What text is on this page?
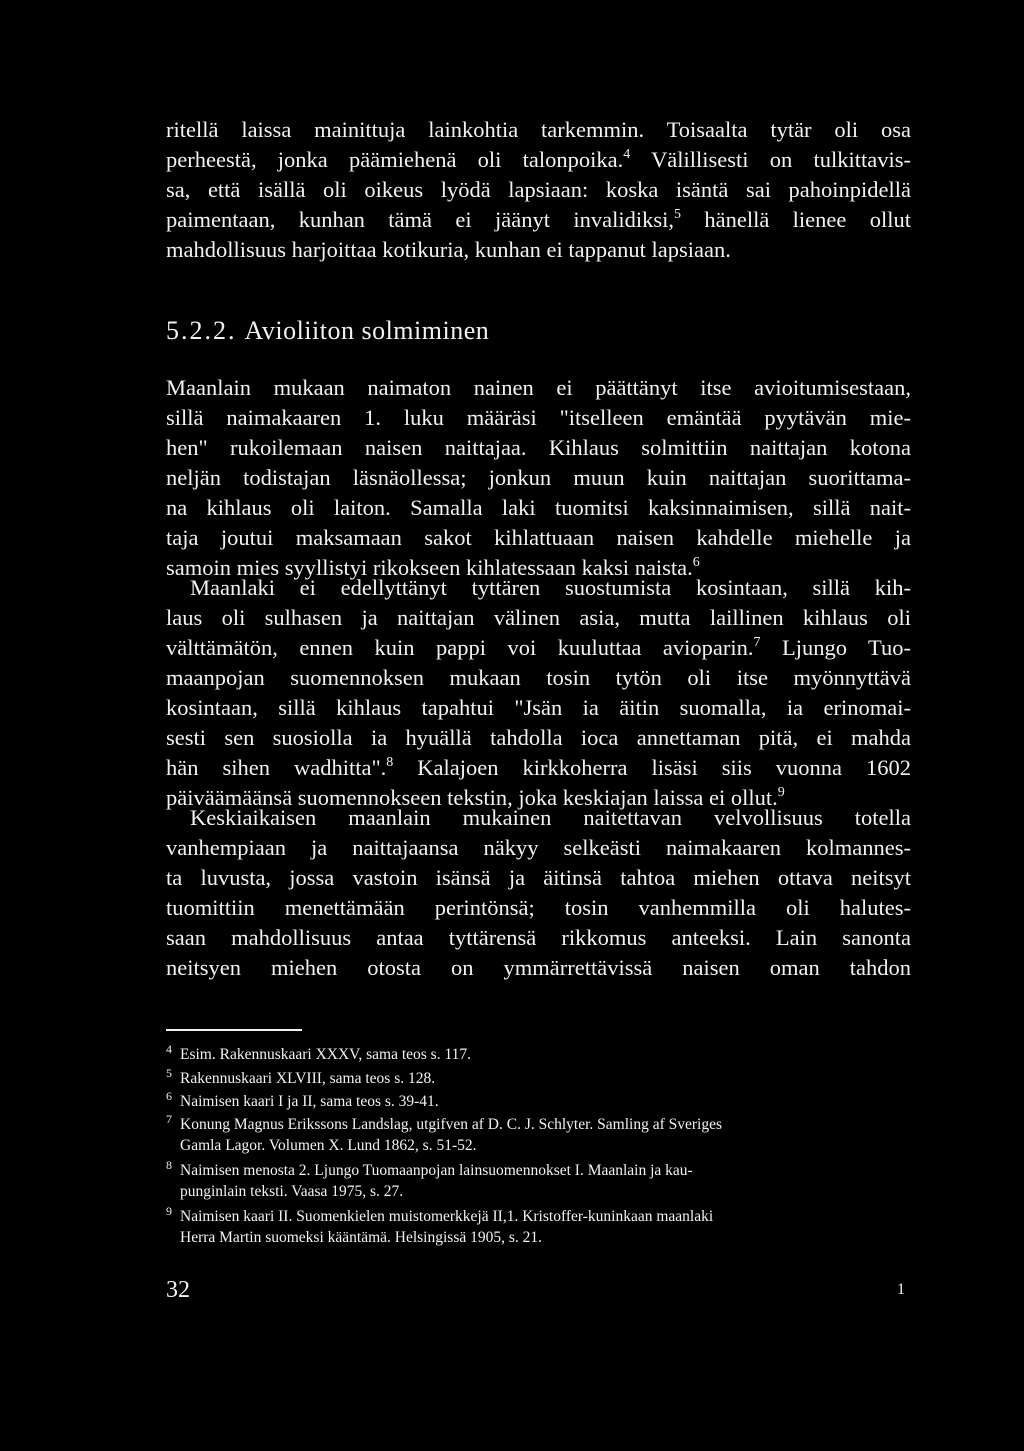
ritellä laissa mainittuja lainkohtia tarkemmin. Toisaalta tytär oli osa
perheestä, jonka päämiehenä oli talonpoika.$^4$ Välillisesti on tulkittavis-
sa, että isällä oli oikeus lyödä lapsiaan: koska isäntä sai pahoinpidellä
paimentaan, kunhan tämä ei jäänyt invalidiksi,$^5$ hänellä lienee ollut
mahdollisuus harjoittaa kotikuria, kunhan ei tappanut lapsiaan.
5.2.2. Avioliiton solmiminen
Maanlain mukaan naimaton nainen ei päättänyt itse avioitumisestaan,
sillä naimakaaren 1. luku määräsi "itselleen emäntää pyytävän mie-
hen" rukoilemaan naisen naittajaa. Kihlaus solmittiin naittajan kotona
neljän todistajan läsnäollessa; jonkun muun kuin naittajan suorittama-
na kihlaus oli laiton. Samalla laki tuomitsi kaksinnaimisen, sillä nait-
taja joutui maksamaan sakot kihlattuaan naisen kahdelle miehelle ja
samoin mies syyllistyi rikokseen kihlatessaan kaksi naista.$^6$
Maanlaki ei edellyttänyt tyttären suostumista kosintaan, sillä kih-
laus oli sulhasen ja naittajan välinen asia, mutta laillinen kihlaus oli
välttämätön, ennen kuin pappi voi kuuluttaa avioparin.$^7$ Ljungo Tuo-
maanpojan suomennoksen mukaan tosin tytön oli itse myönnyttävä
kosintaan, sillä kihlaus tapahtui "Jsän ia äitin suomalla, ia erinomai-
sesti sen suosiolla ia hyuällä tahdolla ioca annettaman pitä, ei mahda
hän sihen wadhitta".$^8$ Kalajoen kirkkoherra lisäsi siis vuonna 1602
päiväämäänsä suomennokseen tekstin, joka keskiajan laissa ei ollut.$^9$
Keskiaikaisen maanlain mukainen naitettavan velvollisuus totella
vanhempiaan ja naittajaansa näkyy selkeästi naimakaaren kolmannes-
ta luvusta, jossa vastoin isänsä ja äitinsä tahtoa miehen ottava neitsyt
tuomittiin menettämään perintönsä; tosin vanhemmilla oli halutes-
saan mahdollisuus antaa tyttärensä rikkomus anteeksi. Lain sanonta
neitsyen miehen otosta on ymmärrettävissä naisen oman tahdon
4 Esim. Rakennuskaari XXXV, sama teos s. 117.
5 Rakennuskaari XLVIII, sama teos s. 128.
6 Naimisen kaari I ja II, sama teos s. 39-41.
7 Konung Magnus Erikssons Landslag, utgifven af D. C. J. Schlyter. Samling af Sveriges
Gamla Lagor. Volumen X. Lund 1862, s. 51-52.
8 Naimisen menosta 2. Ljungo Tuomaanpojan lainsuomennokset I. Maanlain ja kau-
punginlain teksti. Vaasa 1975, s. 27.
9 Naimisen kaari II. Suomenkielen muistomerkkejä II,1. Kristoffer-kuninkaan maanlaki
Herra Martin suomeksi kääntämä. Helsingissä 1905, s. 21.
32	1
